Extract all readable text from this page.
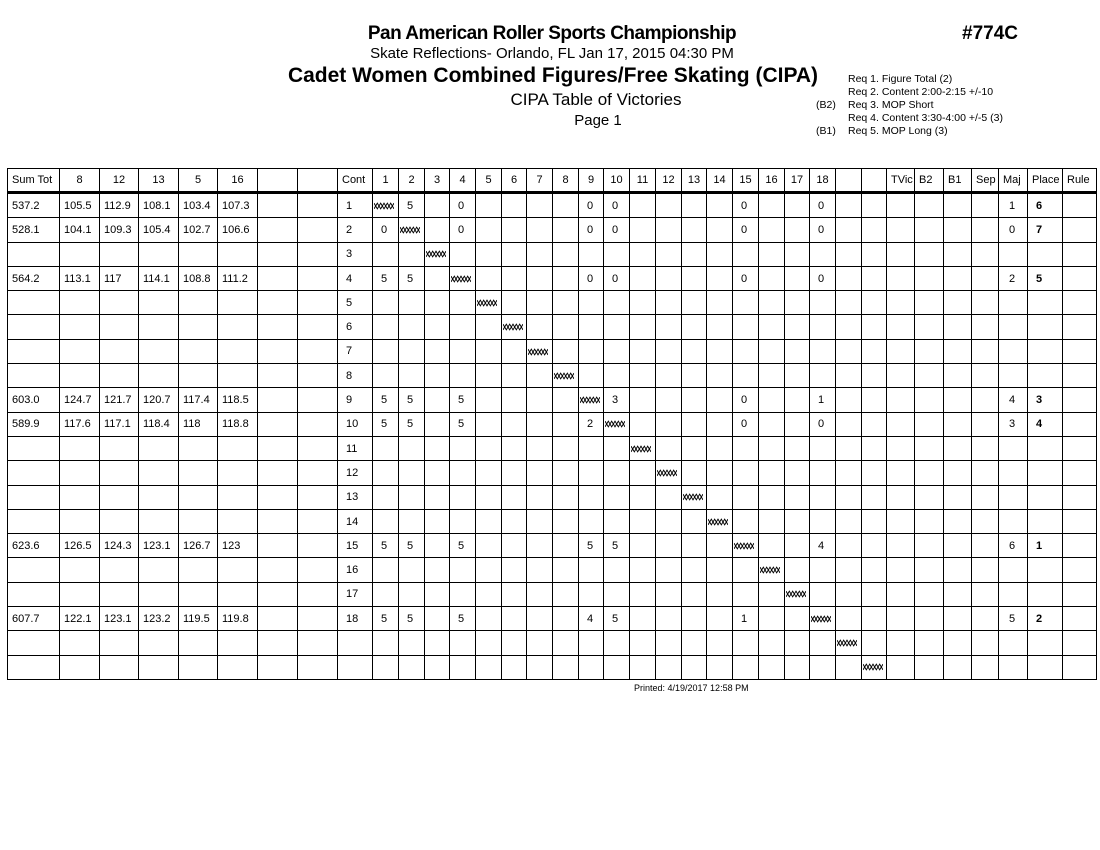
Pan American Roller Sports Championship
Skate Reflections- Orlando, FL Jan 17, 2015 04:30 PM
Cadet Women Combined Figures/Free Skating (CIPA)
CIPA Table of Victories
Page 1
#774C
Req 1. Figure Total (2)
Req 2. Content 2:00-2:15 +/-10
(B2)	Req 3. MOP Short
Req 4. Content 3:30-4:00 +/-5 (3)
(B1)	Req 5. MOP Long (3)
Sum Tot	8	12	13	5	16			Cont	1	2	3	4	5	6	7	8	9	10	11	12	13	14	15	16	17	18			TVic	B2	B1	Sep	Maj	Place	Rule
537.2	105.5	112.9	108.1	103.4	107.3			1		5		0					0	0					0			0							1	6	
528.1	104.1	109.3	105.4	102.7	106.6			2	0			0					0	0					0			0							0	7	
								3																											
564.2	113.1	117	114.1	108.8	111.2			4	5	5							0	0					0			0							2	5	
								5																											
								6																											
								7																											
								8																											
603.0	124.7	121.7	120.7	117.4	118.5			9	5	5		5						3					0			1							4	3	
589.9	117.6	117.1	118.4	118	118.8			10	5	5		5					2						0			0							3	4	
								11																											
								12																											
								13																											
								14																											
623.6	126.5	124.3	123.1	126.7	123			15	5	5		5					5	5								4							6	1	
								16																											
								17																											
607.7	122.1	123.1	123.2	119.5	119.8			18	5	5		5					4	5					1										5	2	

Printed: 4/19/2017 12:58 PM
